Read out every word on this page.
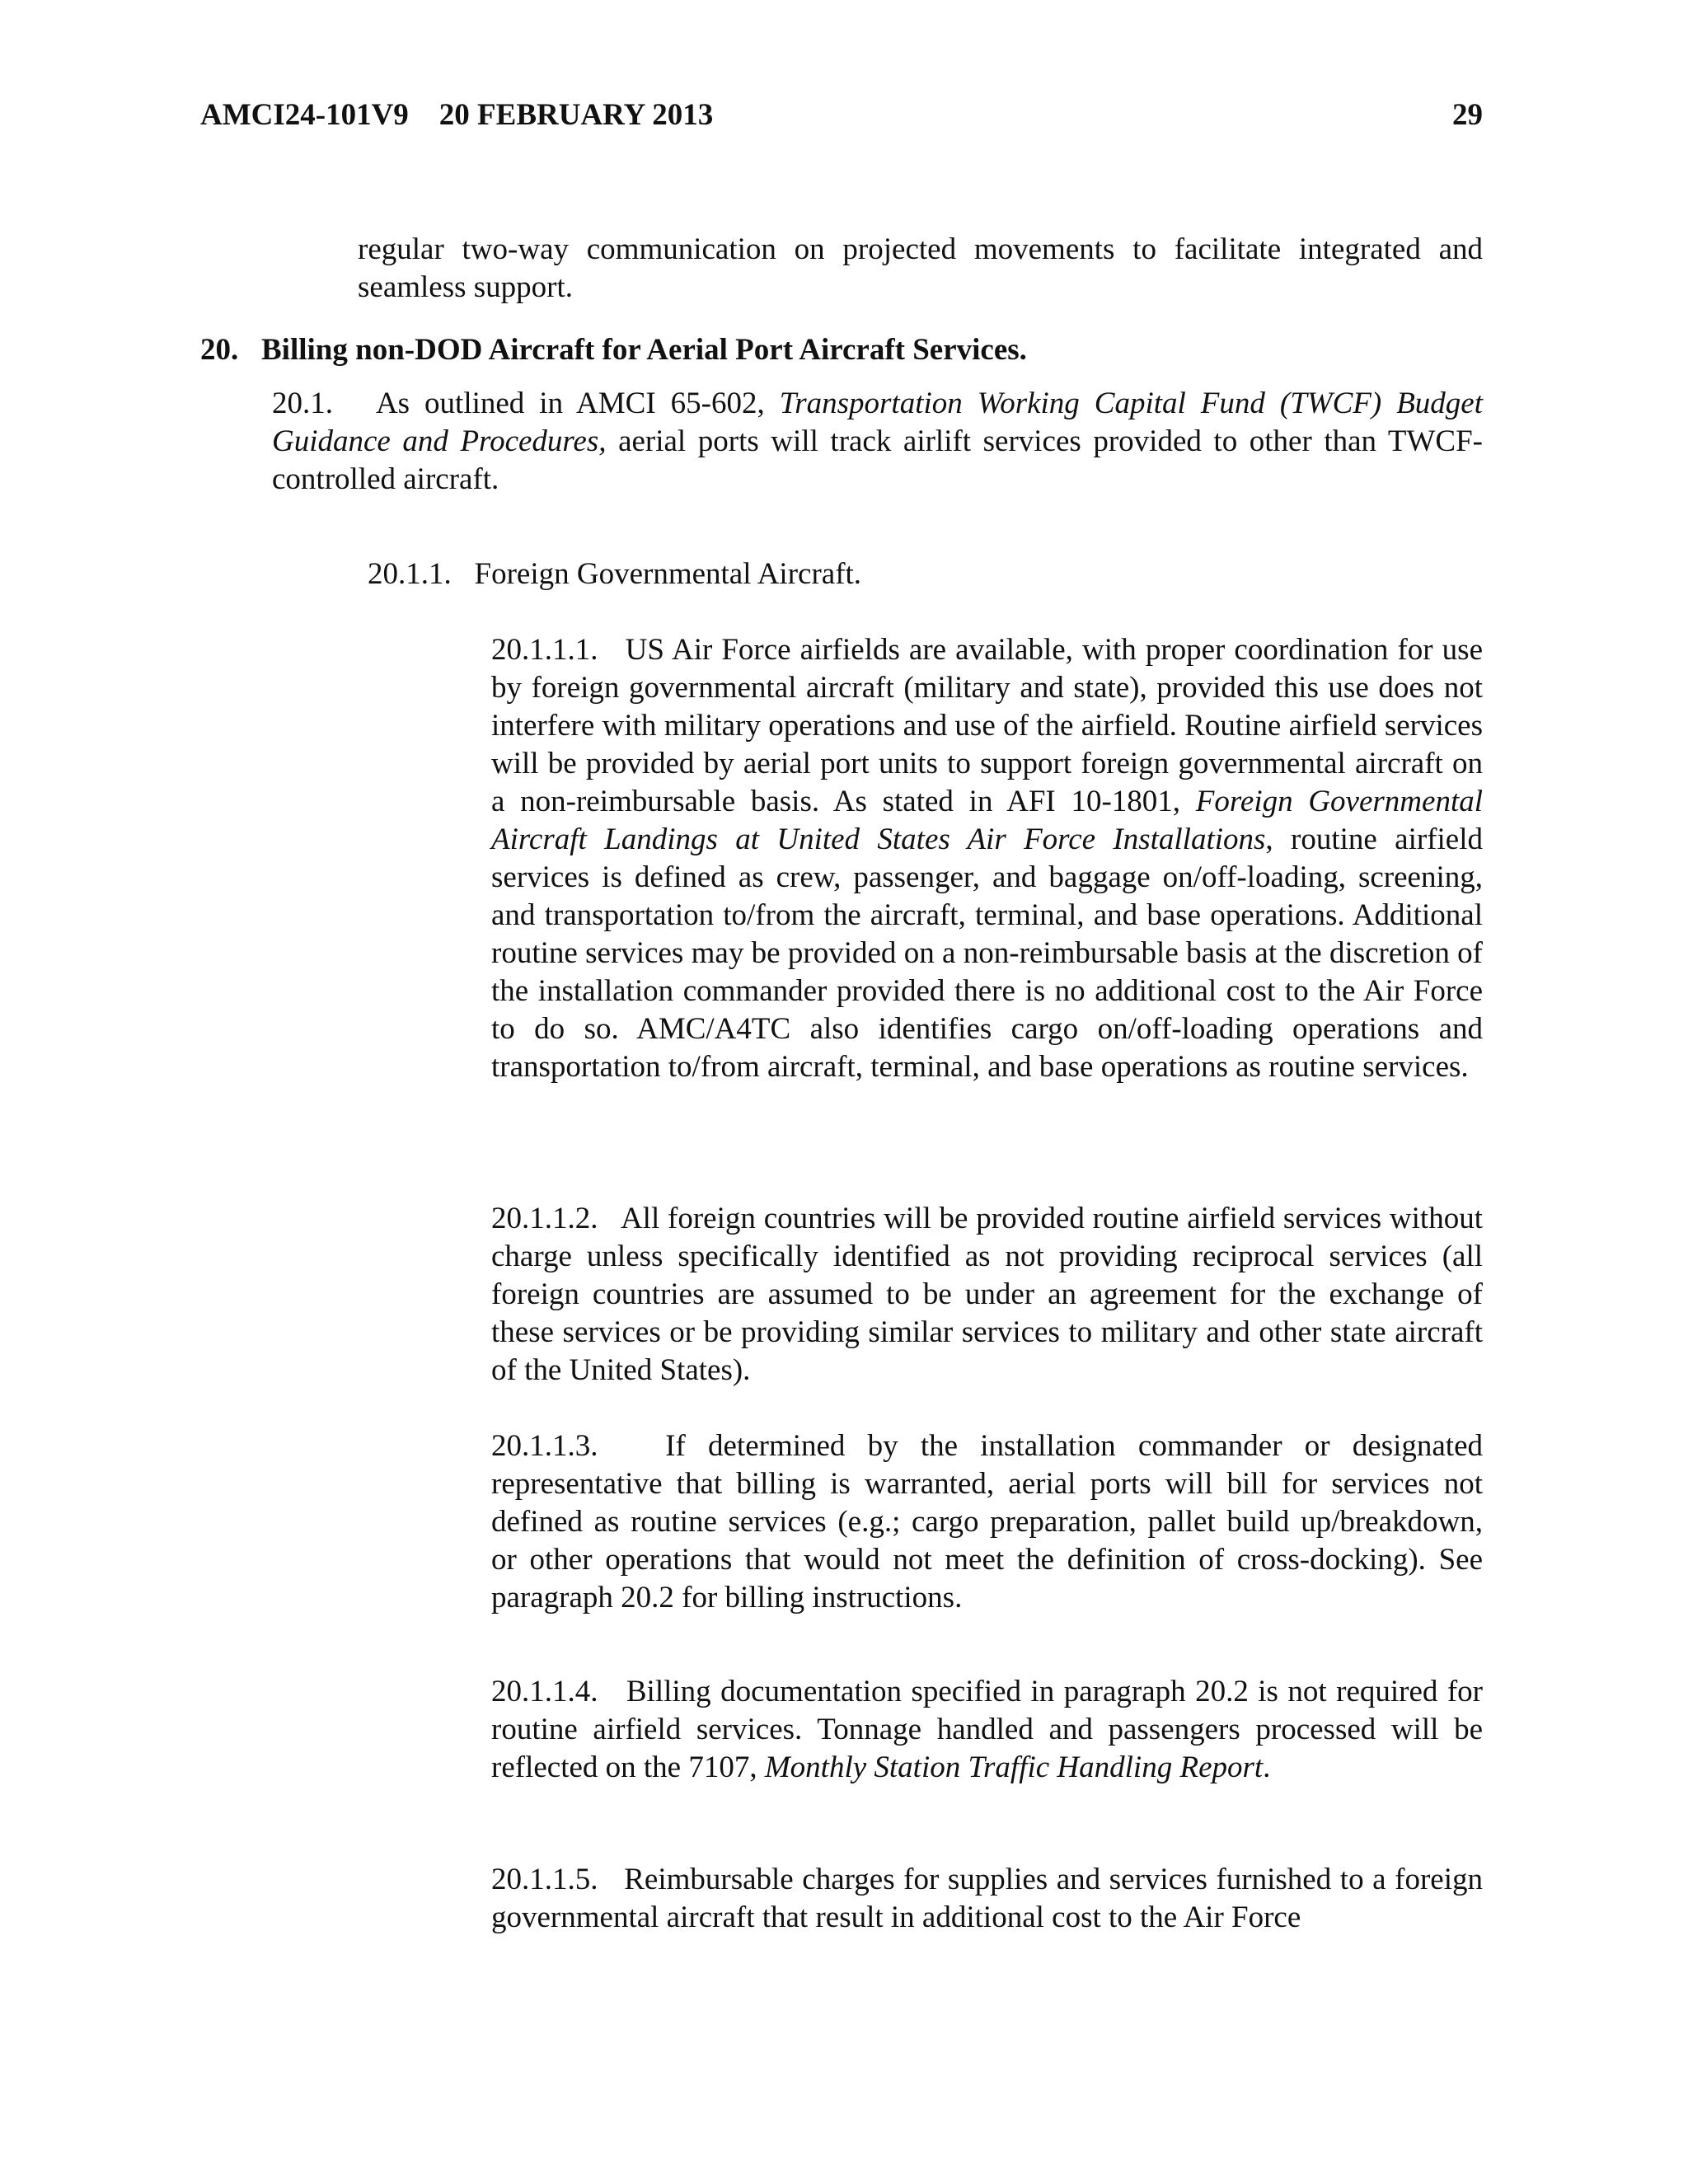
AMCI24-101V9    20 FEBRUARY 2013	29
regular two-way communication on projected movements to facilitate integrated and seamless support.
20. Billing non-DOD Aircraft for Aerial Port Aircraft Services.
20.1. As outlined in AMCI 65-602, Transportation Working Capital Fund (TWCF) Budget Guidance and Procedures, aerial ports will track airlift services provided to other than TWCF-controlled aircraft.
20.1.1. Foreign Governmental Aircraft.
20.1.1.1. US Air Force airfields are available, with proper coordination for use by foreign governmental aircraft (military and state), provided this use does not interfere with military operations and use of the airfield. Routine airfield services will be provided by aerial port units to support foreign governmental aircraft on a non-reimbursable basis. As stated in AFI 10-1801, Foreign Governmental Aircraft Landings at United States Air Force Installations, routine airfield services is defined as crew, passenger, and baggage on/off-loading, screening, and transportation to/from the aircraft, terminal, and base operations. Additional routine services may be provided on a non-reimbursable basis at the discretion of the installation commander provided there is no additional cost to the Air Force to do so. AMC/A4TC also identifies cargo on/off-loading operations and transportation to/from aircraft, terminal, and base operations as routine services.
20.1.1.2. All foreign countries will be provided routine airfield services without charge unless specifically identified as not providing reciprocal services (all foreign countries are assumed to be under an agreement for the exchange of these services or be providing similar services to military and other state aircraft of the United States).
20.1.1.3. If determined by the installation commander or designated representative that billing is warranted, aerial ports will bill for services not defined as routine services (e.g.; cargo preparation, pallet build up/breakdown, or other operations that would not meet the definition of cross-docking). See paragraph 20.2 for billing instructions.
20.1.1.4. Billing documentation specified in paragraph 20.2 is not required for routine airfield services. Tonnage handled and passengers processed will be reflected on the 7107, Monthly Station Traffic Handling Report.
20.1.1.5. Reimbursable charges for supplies and services furnished to a foreign governmental aircraft that result in additional cost to the Air Force
